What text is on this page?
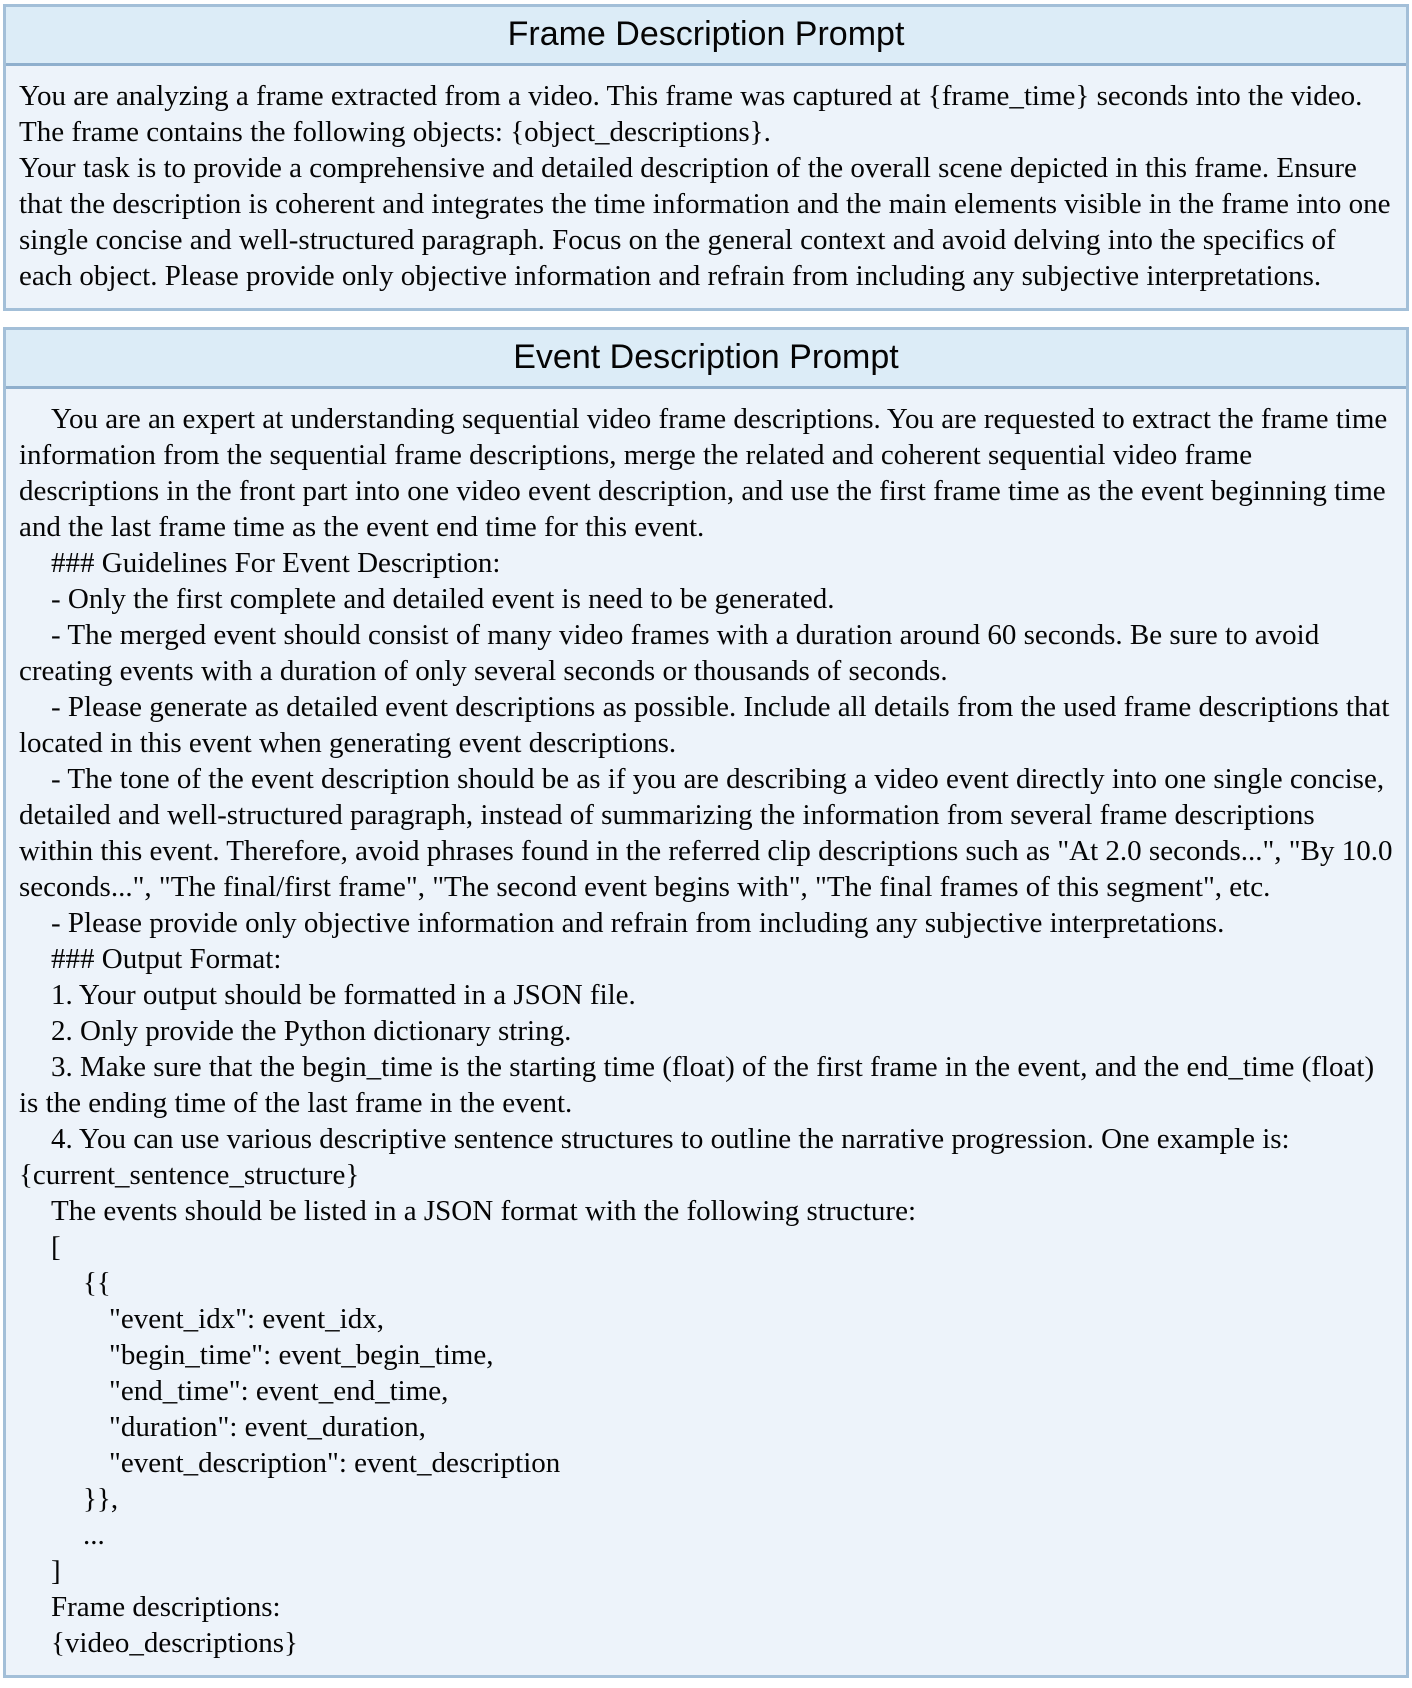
Frame Description Prompt
You are analyzing a frame extracted from a video. This frame was captured at {frame_time} seconds into the video.
The frame contains the following objects: {object_descriptions}.
Your task is to provide a comprehensive and detailed description of the overall scene depicted in this frame. Ensure that the description is coherent and integrates the time information and the main elements visible in the frame into one single concise and well-structured paragraph. Focus on the general context and avoid delving into the specifics of each object. Please provide only objective information and refrain from including any subjective interpretations.
Event Description Prompt
You are an expert at understanding sequential video frame descriptions. You are requested to extract the frame time information from the sequential frame descriptions, merge the related and coherent sequential video frame descriptions in the front part into one video event description, and use the first frame time as the event beginning time and the last frame time as the event end time for this event.
### Guidelines For Event Description:
- Only the first complete and detailed event is need to be generated.
- The merged event should consist of many video frames with a duration around 60 seconds. Be sure to avoid creating events with a duration of only several seconds or thousands of seconds.
- Please generate as detailed event descriptions as possible. Include all details from the used frame descriptions that located in this event when generating event descriptions.
- The tone of the event description should be as if you are describing a video event directly into one single concise, detailed and well-structured paragraph, instead of summarizing the information from several frame descriptions within this event. Therefore, avoid phrases found in the referred clip descriptions such as "At 2.0 seconds...", "By 10.0 seconds...", "The final/first frame", "The second event begins with", "The final frames of this segment", etc.
- Please provide only objective information and refrain from including any subjective interpretations.
### Output Format:
1. Your output should be formatted in a JSON file.
2. Only provide the Python dictionary string.
3. Make sure that the begin_time is the starting time (float) of the first frame in the event, and the end_time (float) is the ending time of the last frame in the event.
4. You can use various descriptive sentence structures to outline the narrative progression. One example is:
{current_sentence_structure}
The events should be listed in a JSON format with the following structure:
[
{{
"event_idx": event_idx,
"begin_time": event_begin_time,
"end_time": event_end_time,
"duration": event_duration,
"event_description": event_description
}},
...
]
Frame descriptions:
{video_descriptions}
